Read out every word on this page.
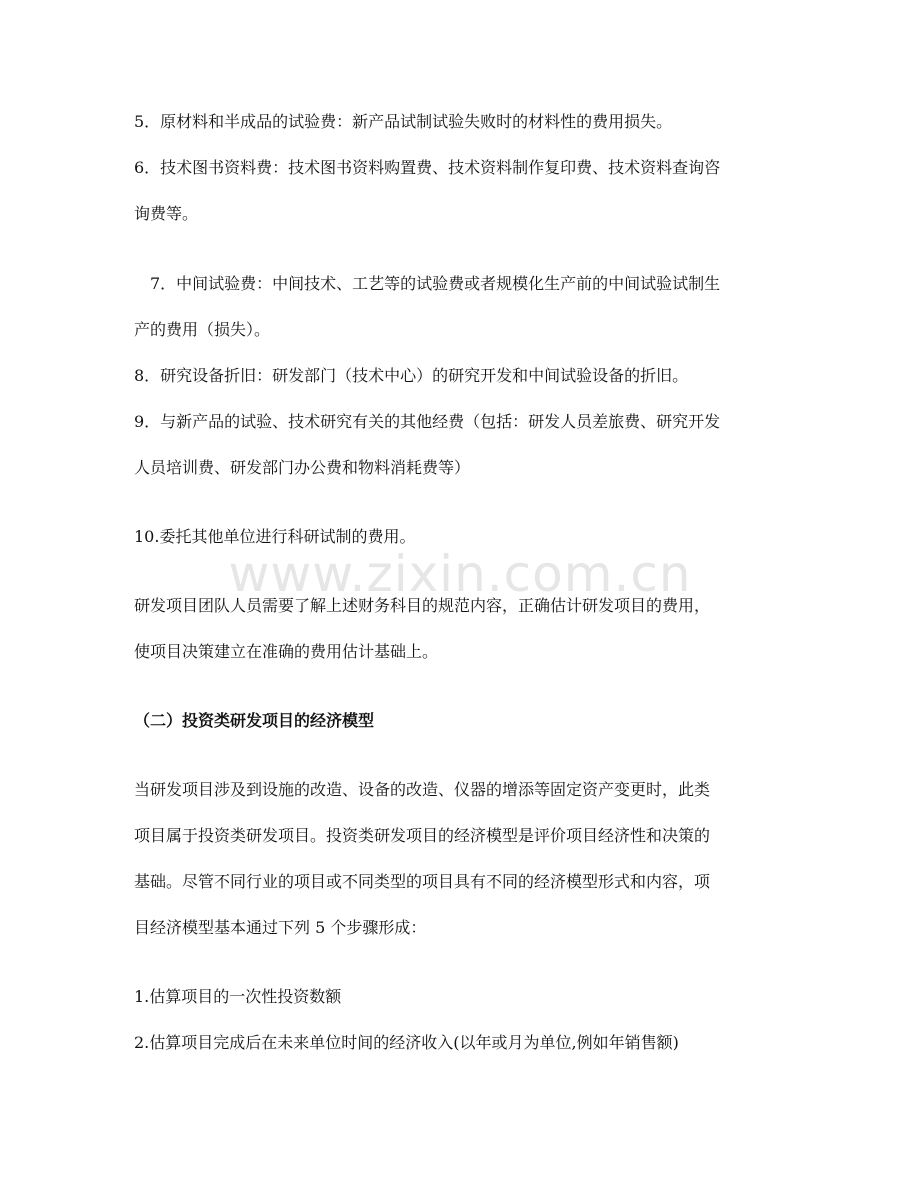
www.zixin.com.cn
5．原材料和半成品的试验费：新产品试制试验失败时的材料性的费用损失。
6．技术图书资料费：技术图书资料购置费、技术资料制作复印费、技术资料查询咨
询费等。
7．中间试验费：中间技术、工艺等的试验费或者规模化生产前的中间试验试制生
产的费用（损失）。
8．研究设备折旧：研发部门（技术中心）的研究开发和中间试验设备的折旧。
9．与新产品的试验、技术研究有关的其他经费（包括：研发人员差旅费、研究开发
人员培训费、研发部门办公费和物料消耗费等）
10.委托其他单位进行科研试制的费用。
研发项目团队人员需要了解上述财务科目的规范内容，正确估计研发项目的费用，
使项目决策建立在准确的费用估计基础上。
（二）投资类研发项目的经济模型
当研发项目涉及到设施的改造、设备的改造、仪器的增添等固定资产变更时，此类
项目属于投资类研发项目。投资类研发项目的经济模型是评价项目经济性和决策的
基础。尽管不同行业的项目或不同类型的项目具有不同的经济模型形式和内容，项
目经济模型基本通过下列 5 个步骤形成：
1.估算项目的一次性投资数额
2.估算项目完成后在未来单位时间的经济收入(以年或月为单位,例如年销售额)
